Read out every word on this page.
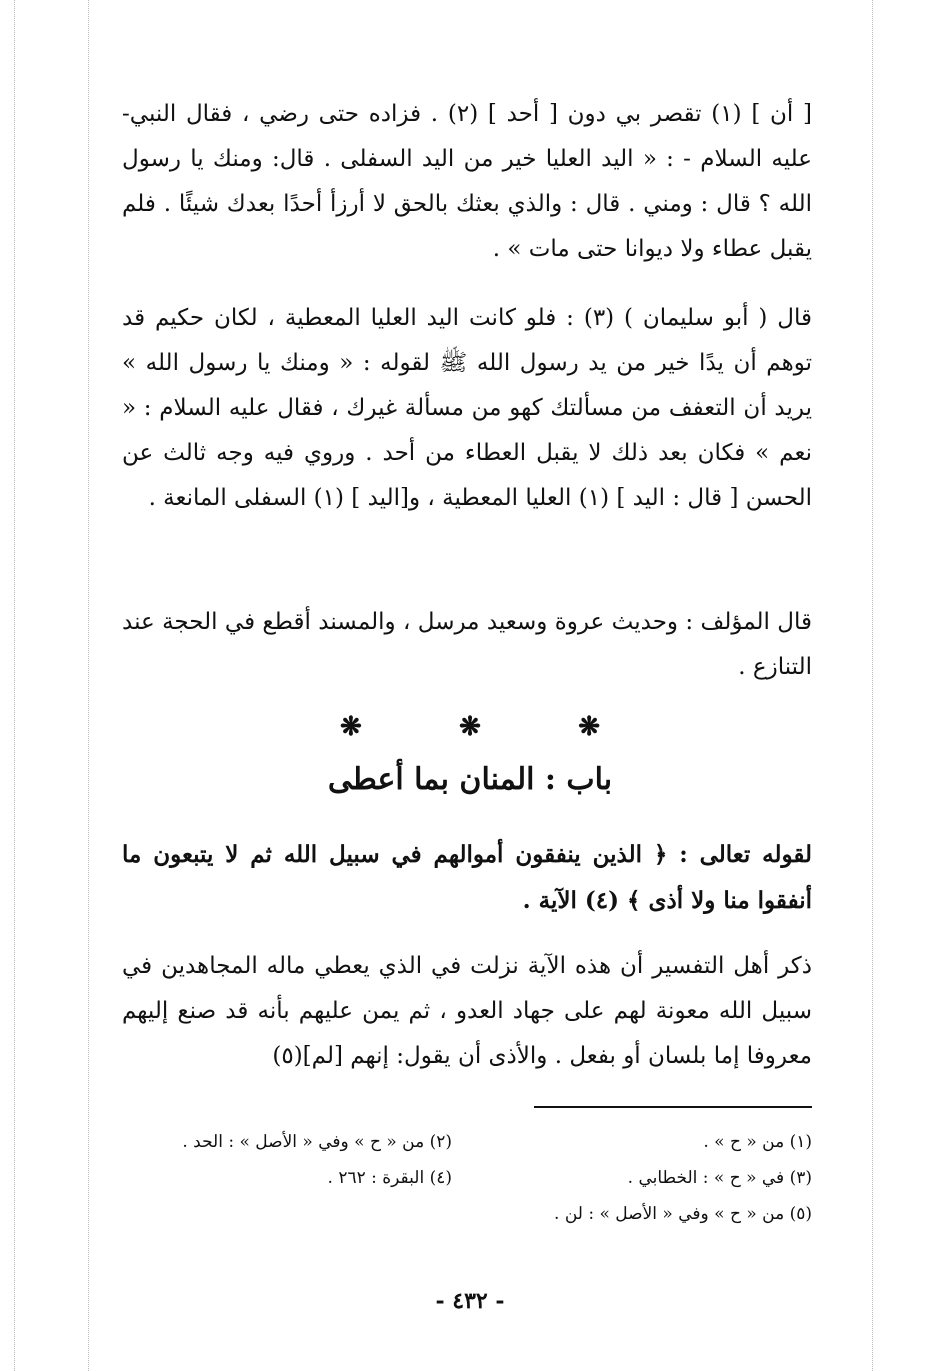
[ أن ] (١) تقصر بي دون [ أحد ] (٢) . فزاده حتى رضي ، فقال النبي- عليه السلام - : « اليد العليا خير من اليد السفلى . قال: ومنك يا رسول الله ؟ قال : ومني . قال : والذي بعثك بالحق لا أرزأ أحدًا بعدك شيئًا . فلم يقبل عطاء ولا ديوانا حتى مات » .

قال ( أبو سليمان ) (٣) : فلو كانت اليد العليا المعطية ، لكان حكيم قد توهم أن يدًا خير من يد رسول الله ﷺ لقوله : « ومنك يا رسول الله » يريد أن التعفف من مسألتك كهو من مسألة غيرك ، فقال عليه السلام : « نعم » فكان بعد ذلك لا يقبل العطاء من أحد . وروي فيه وجه ثالث عن الحسن [ قال : اليد ] (١) العليا المعطية ، و[اليد ] (١) السفلى المانعة .

قال المؤلف : وحديث عروة وسعيد مرسل ، والمسند أقطع في الحجة عند التنازع .

❋	❋	❋
باب : المنان بما أعطى

لقوله تعالى : ﴿ الذين ينفقون أموالهم في سبيل الله ثم لا يتبعون ما أنفقوا منا ولا أذى ﴾ (٤) الآية .

ذكر أهل التفسير أن هذه الآية نزلت في الذي يعطي ماله المجاهدين في سبيل الله معونة لهم على جهاد العدو ، ثم يمن عليهم بأنه قد صنع إليهم معروفا إما بلسان أو بفعل . والأذى أن يقول: إنهم [لم](٥)

(١) من « ح » .
(٢) من « ح » وفي « الأصل » : الحد .
(٣) في « ح » : الخطابي .
(٤) البقرة : ٢٦٢ .
(٥) من « ح » وفي « الأصل » : لن .
- ٤٣٢ -
